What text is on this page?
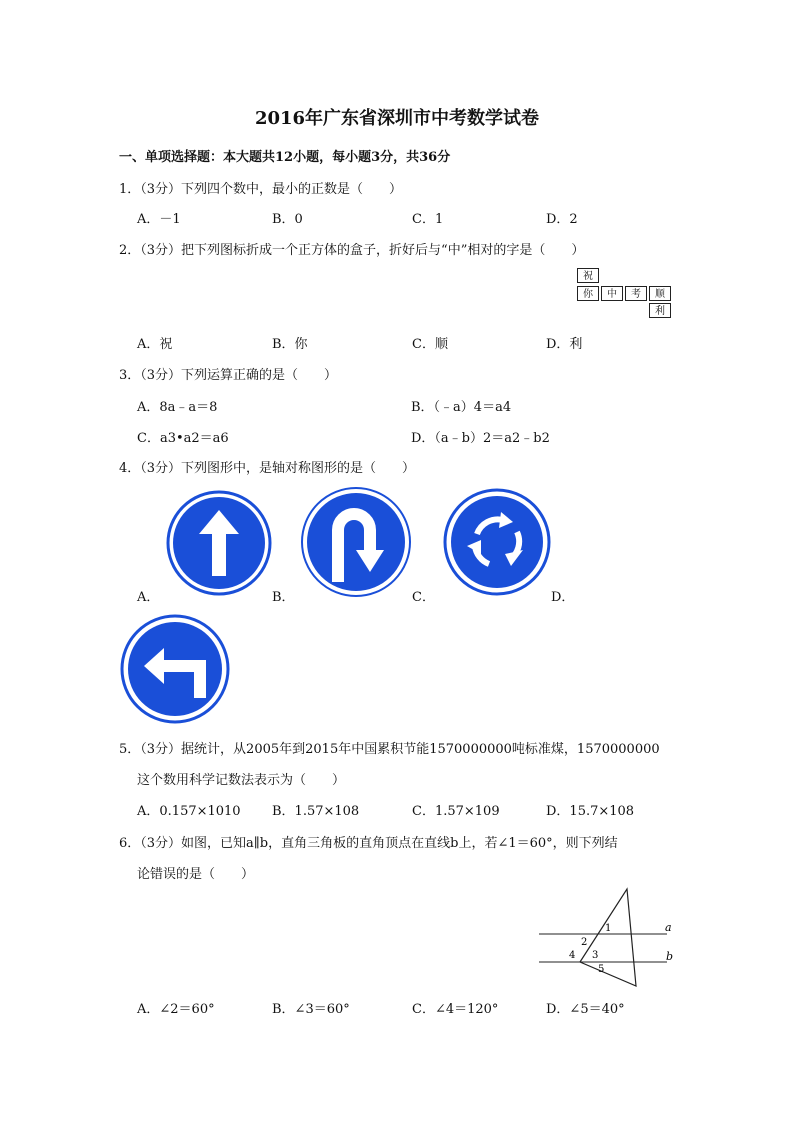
2016年广东省深圳市中考数学试卷
一、单项选择题：本大题共12小题，每小题3分，共36分
1．（3分）下列四个数中，最小的正数是（　　）
A．－1	B．0	C．1	D．2
2．（3分）把下列图标折成一个正方体的盒子，折好后与“中”相对的字是（　　）
祝
你	中	考	顺
利
A．祝	B．你	C．顺	D．利
3．（3分）下列运算正确的是（　　）
A．8a﹣a＝8	B．（﹣a）4＝a4
C．a3•a2＝a6	D．（a﹣b）2＝a2﹣b2
4．（3分）下列图形中，是轴对称图形的是（　　）
A．	B．	C．	D．
5．（3分）据统计，从2005年到2015年中国累积节能1570000000吨标准煤，1570000000
这个数用科学记数法表示为（　　）
A．0.157×1010 B．1.57×108	C．1.57×109	D．15.7×108
6．（3分）如图，已知a∥b，直角三角板的直角顶点在直线b上，若∠1＝60°，则下列结
论错误的是（　　）
1
2
3
4
5
a
b
A．∠2＝60°	B．∠3＝60°	C．∠4＝120°	D．∠5＝40°
